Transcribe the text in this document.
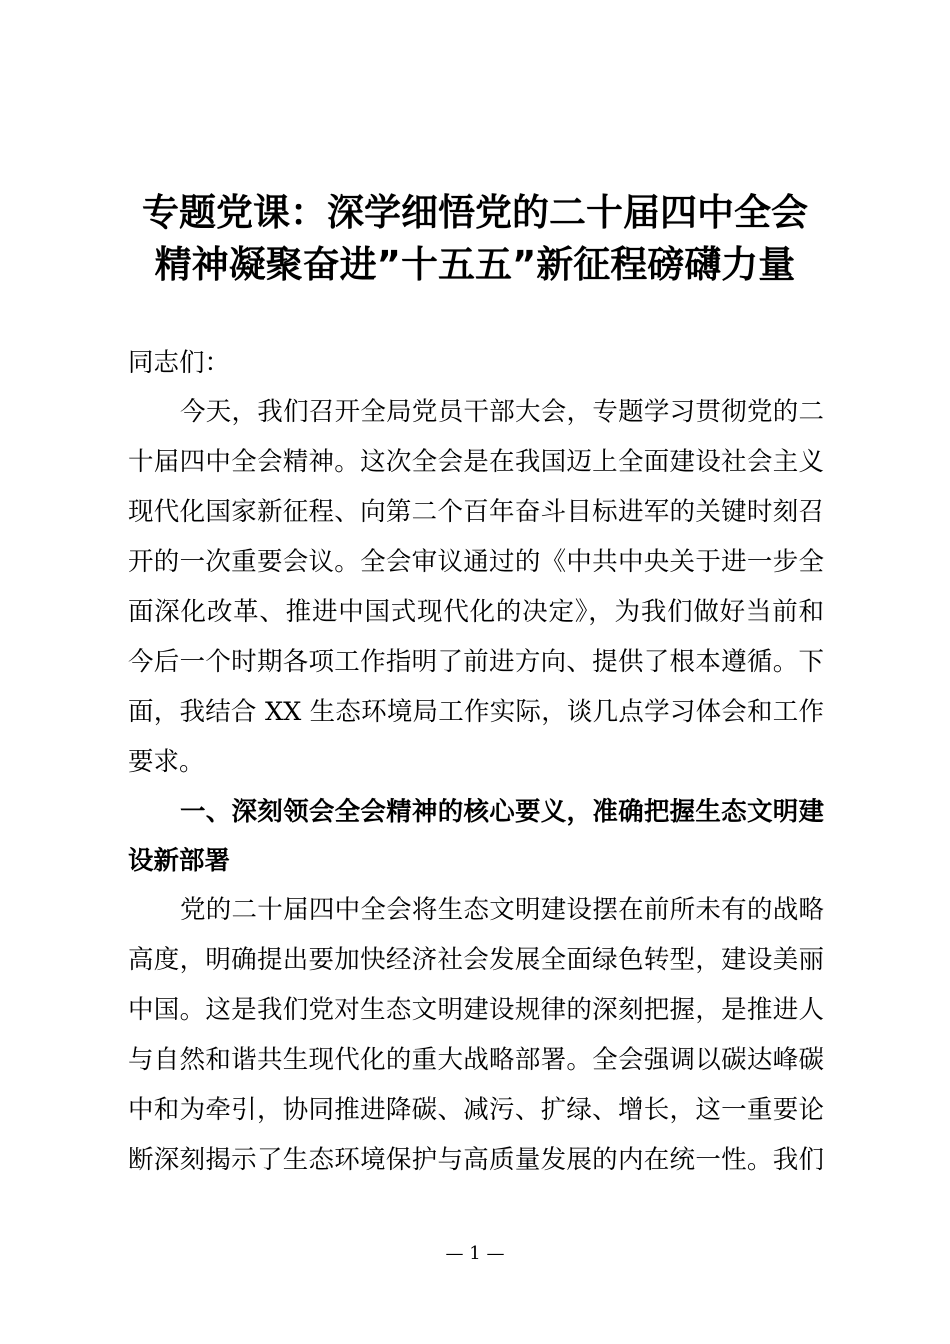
专题党课：深学细悟党的二十届四中全会
精神凝聚奋进”十五五”新征程磅礴力量
同志们：
今天，我们召开全局党员干部大会，专题学习贯彻党的二
十届四中全会精神。这次全会是在我国迈上全面建设社会主义
现代化国家新征程、向第二个百年奋斗目标进军的关键时刻召
开的一次重要会议。全会审议通过的《中共中央关于进一步全
面深化改革、推进中国式现代化的决定》，为我们做好当前和
今后一个时期各项工作指明了前进方向、提供了根本遵循。下
面，我结合 XX 生态环境局工作实际，谈几点学习体会和工作
要求。
一、深刻领会全会精神的核心要义，准确把握生态文明建
设新部署
党的二十届四中全会将生态文明建设摆在前所未有的战略
高度，明确提出要加快经济社会发展全面绿色转型，建设美丽
中国。这是我们党对生态文明建设规律的深刻把握，是推进人
与自然和谐共生现代化的重大战略部署。全会强调以碳达峰碳
中和为牵引，协同推进降碳、减污、扩绿、增长，这一重要论
断深刻揭示了生态环境保护与高质量发展的内在统一性。我们
— 1 —
